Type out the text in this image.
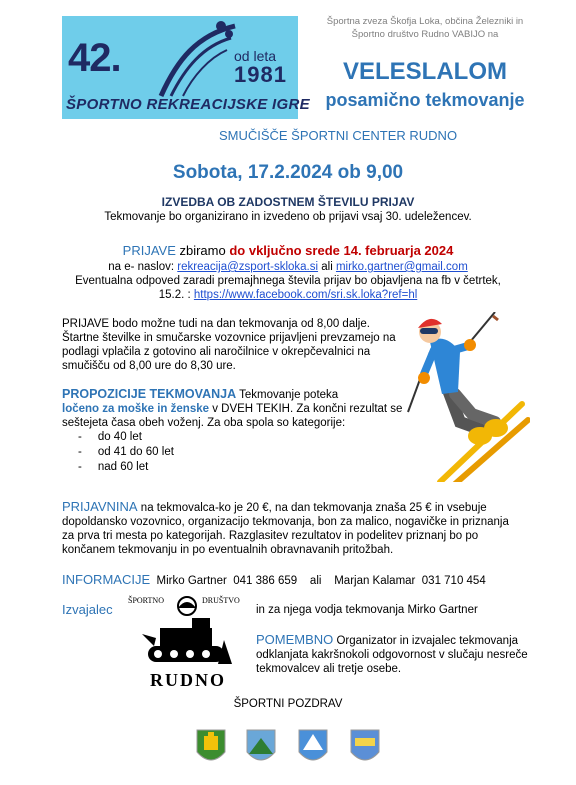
42.	od leta
1981
ŠPORTNO REKREACIJSKE IGRE
Športna zveza Škofja Loka, občina Železniki in
Športno društvo Rudno VABIJO na
VELESLALOM
posamično tekmovanje
SMUČIŠČE ŠPORTNI CENTER RUDNO
Sobota, 17.2.2024 ob 9,00
IZVEDBA OB ZADOSTNEM ŠTEVILU PRIJAV
Tekmovanje bo organizirano in izvedeno ob prijavi vsaj 30. udeležencev.
PRIJAVE zbiramo do vključno srede 14. februarja 2024
na e- naslov: rekreacija@zsport-skloka.si ali mirko.gartner@gmail.com
Eventualna odpoved zaradi premajhnega števila prijav bo objavljena na fb v četrtek,
15.2. : https://www.facebook.com/sri.sk.loka?ref=hl
PRIJAVE bodo možne tudi na dan tekmovanja od 8,00 dalje. Štartne številke in smučarske vozovnice prijavljeni prevzamejo na podlagi vplačila z gotovino ali naročilnice v okrepčevalnici na smučišču od 8,00 ure do 8,30 ure.
PROPOZICIJE TEKMOVANJA Tekmovanje poteka
ločeno za moške in ženske v DVEH TEKIH. Za končni rezultat se seštejeta časa obeh voženj. Za oba spola so kategorije:
-     do 40 let
-     od 41 do 60 let
-     nad 60 let
PRIJAVNINA na tekmovalca-ko je 20 €, na dan tekmovanja znaša 25 € in vsebuje dopoldansko vozovnico, organizacijo tekmovanja, bon za malico, nogavičke in priznanja za prva tri mesta po kategorijah. Razglasitev rezultatov in podelitev priznanj bo po končanem tekmovanju in po eventualnih obravnavanih pritožbah.
INFORMACIJE Mirko Gartner  041 386 659    ali    Marjan Kalamar  031 710 454
Izvajalec	in za njega vodja tekmovanja Mirko Gartner
ŠPORTNO	DRUŠTVO
RUDNO
POMEMBNO Organizator in izvajalec tekmovanja odklanjata kakršnokoli odgovornost v slučaju nesreče tekmovalcev ali tretje osebe.
ŠPORTNI POZDRAV
